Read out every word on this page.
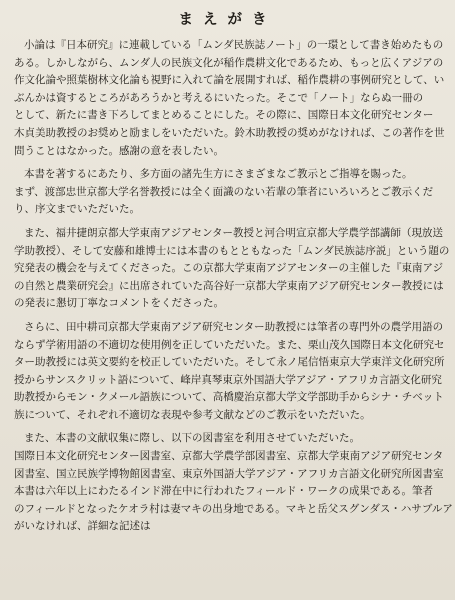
まえがき
小論は『日本研究』に連載している「ムンダ民族誌ノート」の一環として書き始めたもの
ある。しかしながら、ムンダ人の民族文化が稲作農耕文化であるため、もっと広くアジアの
作文化論や照葉樹林文化論も視野に入れて論を展開すれば、稲作農耕の事例研究として、い
ぶんかは資するところがあろうかと考えるにいたった。そこで「ノート」ならぬ一冊の
として、新たに書き下ろしてまとめることにした。その際に、国際日本文化研究センター
木貞美助教授のお奨めと励ましをいただいた。鈴木助教授の奨めがなければ、この著作を世
問うことはなかった。感謝の意を表したい。
本書を著するにあたり、多方面の諸先生方にさまざまなご教示とご指導を賜った。
まず、渡部忠世京都大学名誉教授には全く面識のない若輩の筆者にいろいろとご教示くだ
り、序文までいただいた。
また、福井捷朗京都大学東南アジアセンター教授と河合明宣京都大学農学部講師（現放送
学助教授）、そして安藤和雄博士には本書のもとともなった「ムンダ民族誌序説」という題の
究発表の機会を与えてくださった。この京都大学東南アジアセンターの主催した『東南アジ
の自然と農業研究会』に出席されていた高谷好一京都大学東南アジア研究センター教授には
の発表に懇切丁寧なコメントをくださった。
さらに、田中耕司京都大学東南アジア研究センター助教授には筆者の専門外の農学用語の
ならず学術用語の不適切な使用例を正していただいた。また、栗山茂久国際日本文化研究セ
ター助教授には英文要約を校正していただいた。そして永ノ尾信悟東京大学東洋文化研究所
授からサンスクリット語について、峰岸真琴東京外国語大学アジア・アフリカ言語文化研究
助教授からモン・クメール語族について、高橋慶治京都大学文学部助手からシナ・チベット
族について、それぞれ不適切な表現や参考文献などのご教示をいただいた。
また、本書の文献収集に際し、以下の図書室を利用させていただいた。
国際日本文化研究センター図書室、京都大学農学部図書室、京都大学東南アジア研究センタ
図書室、国立民族学博物館図書室、東京外国語大学アジア・アフリカ言語文化研究所図書室
本書は六年以上にわたるインド滞在中に行われたフィールド・ワークの成果である。筆者
のフィールドとなったケオラ村は妻マキの出身地である。マキと岳父スグンダス・ハサブルア
がいなければ、詳細な記述は
